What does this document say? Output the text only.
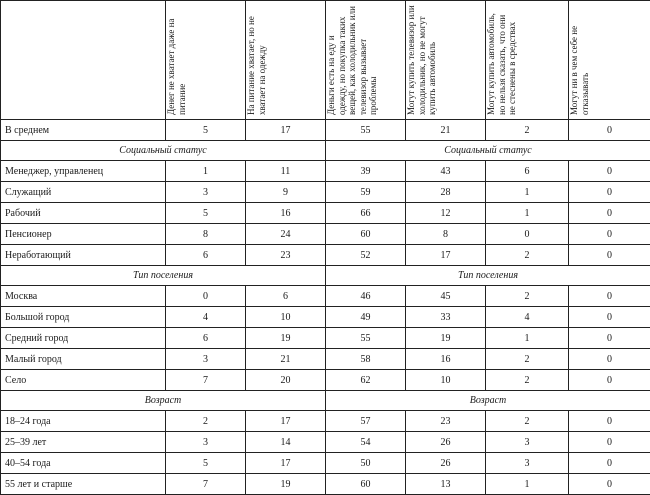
	Денег не хватает даже на питание	На питание хватает, но не хватает на одежду	Деньги есть на еду и одежду, но покупка таких вещей, как холодильник или телевизор вызывает проблемы	Могут купить телевизор или холодильник, но не могут купить автомобиль	Могут купить автомобиль, но нельзя сказать, что они не стеснены в средствах	Могут ни в чем себе не отказывать

В среднем	5	17	55	21	2	0
Социальный статус			Социальный статус			
Менеджер, управленец	1	11	39	43	6	0
Служащий	3	9	59	28	1	0
Рабочий	5	16	66	12	1	0
Пенсионер	8	24	60	8	0	0
Неработающий	6	23	52	17	2	0
Тип поселения			Тип поселения			
Москва	0	6	46	45	2	0
Большой город	4	10	49	33	4	0
Средний город	6	19	55	19	1	0
Малый город	3	21	58	16	2	0
Село	7	20	62	10	2	0
Возраст			Возраст			
18–24 года	2	17	57	23	2	0
25–39 лет	3	14	54	26	3	0
40–54 года	5	17	50	26	3	0
55 лет и старше	7	19	60	13	1	0
